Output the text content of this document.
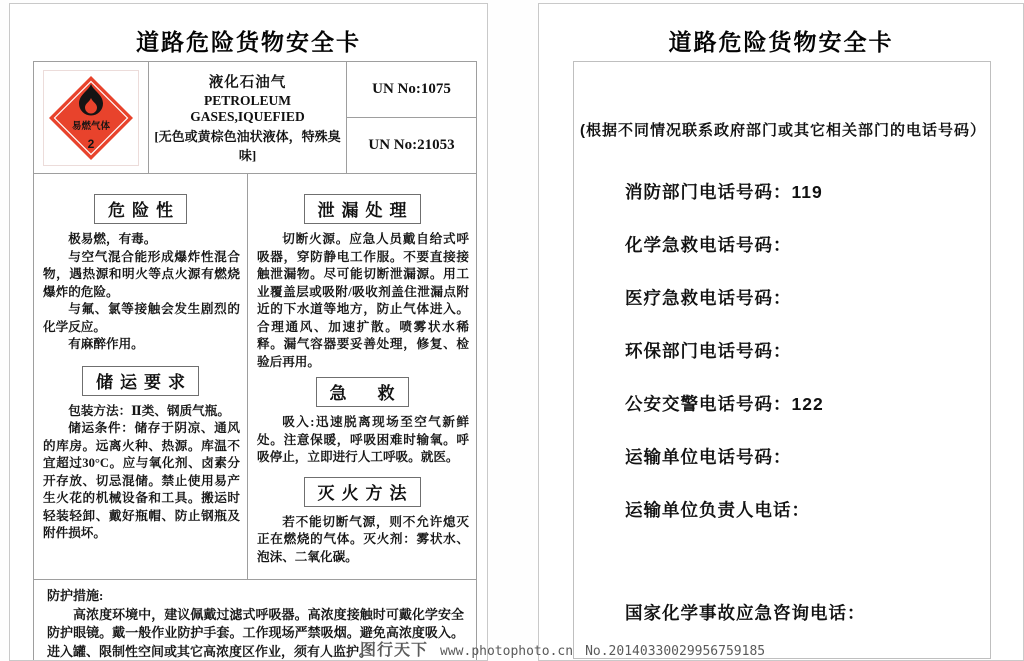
道路危险货物安全卡
易燃气体
2
液化石油气
PETROLEUM GASES,IQUEFIED
[无色或黄棕色油状液体，特殊臭味]
UN No:1075
UN No:21053
危险性

极易燃，有毒。

与空气混合能形成爆炸性混合物，遇热源和明火等点火源有燃烧爆炸的危险。

与氟、氯等接触会发生剧烈的化学反应。

有麻醉作用。

储运要求

包装方法：Ⅱ类、钢质气瓶。

储运条件：储存于阴凉、通风的库房。远离火种、热源。库温不宜超过30°C。应与氧化剂、卤素分开存放、切忌混储。禁止使用易产生火花的机械设备和工具。搬运时轻装轻卸、戴好瓶帽、防止钢瓶及附件损坏。

泄漏处理

切断火源。应急人员戴自给式呼吸器，穿防静电工作服。不要直接接触泄漏物。尽可能切断泄漏源。用工业覆盖层或吸附/吸收剂盖住泄漏点附近的下水道等地方，防止气体进入。合理通风、加速扩散。喷雾状水稀释。漏气容器要妥善处理，修复、检验后再用。

急　救

吸入:迅速脱离现场至空气新鲜处。注意保暖，呼吸困难时输氧。呼吸停止，立即进行人工呼吸。就医。

灭火方法

若不能切断气源，则不允许熄灭正在燃烧的气体。灭火剂：雾状水、泡沫、二氧化碳。

防护措施:

高浓度环境中，建议佩戴过滤式呼吸器。高浓度接触时可戴化学安全防护眼镜。戴一般作业防护手套。工作现场严禁吸烟。避免高浓度吸入。进入罐、限制性空间或其它高浓度区作业，须有人监护。

道路危险货物安全卡
(根据不同情况联系政府部门或其它相关部门的电话号码）
消防部门电话号码：119
化学急救电话号码：
医疗急救电话号码：
环保部门电话号码：
公安交警电话号码：122
运输单位电话号码：
运输单位负责人电话：
国家化学事故应急咨询电话：
图行天下 www.photophoto.cn No.20140330029956759185
